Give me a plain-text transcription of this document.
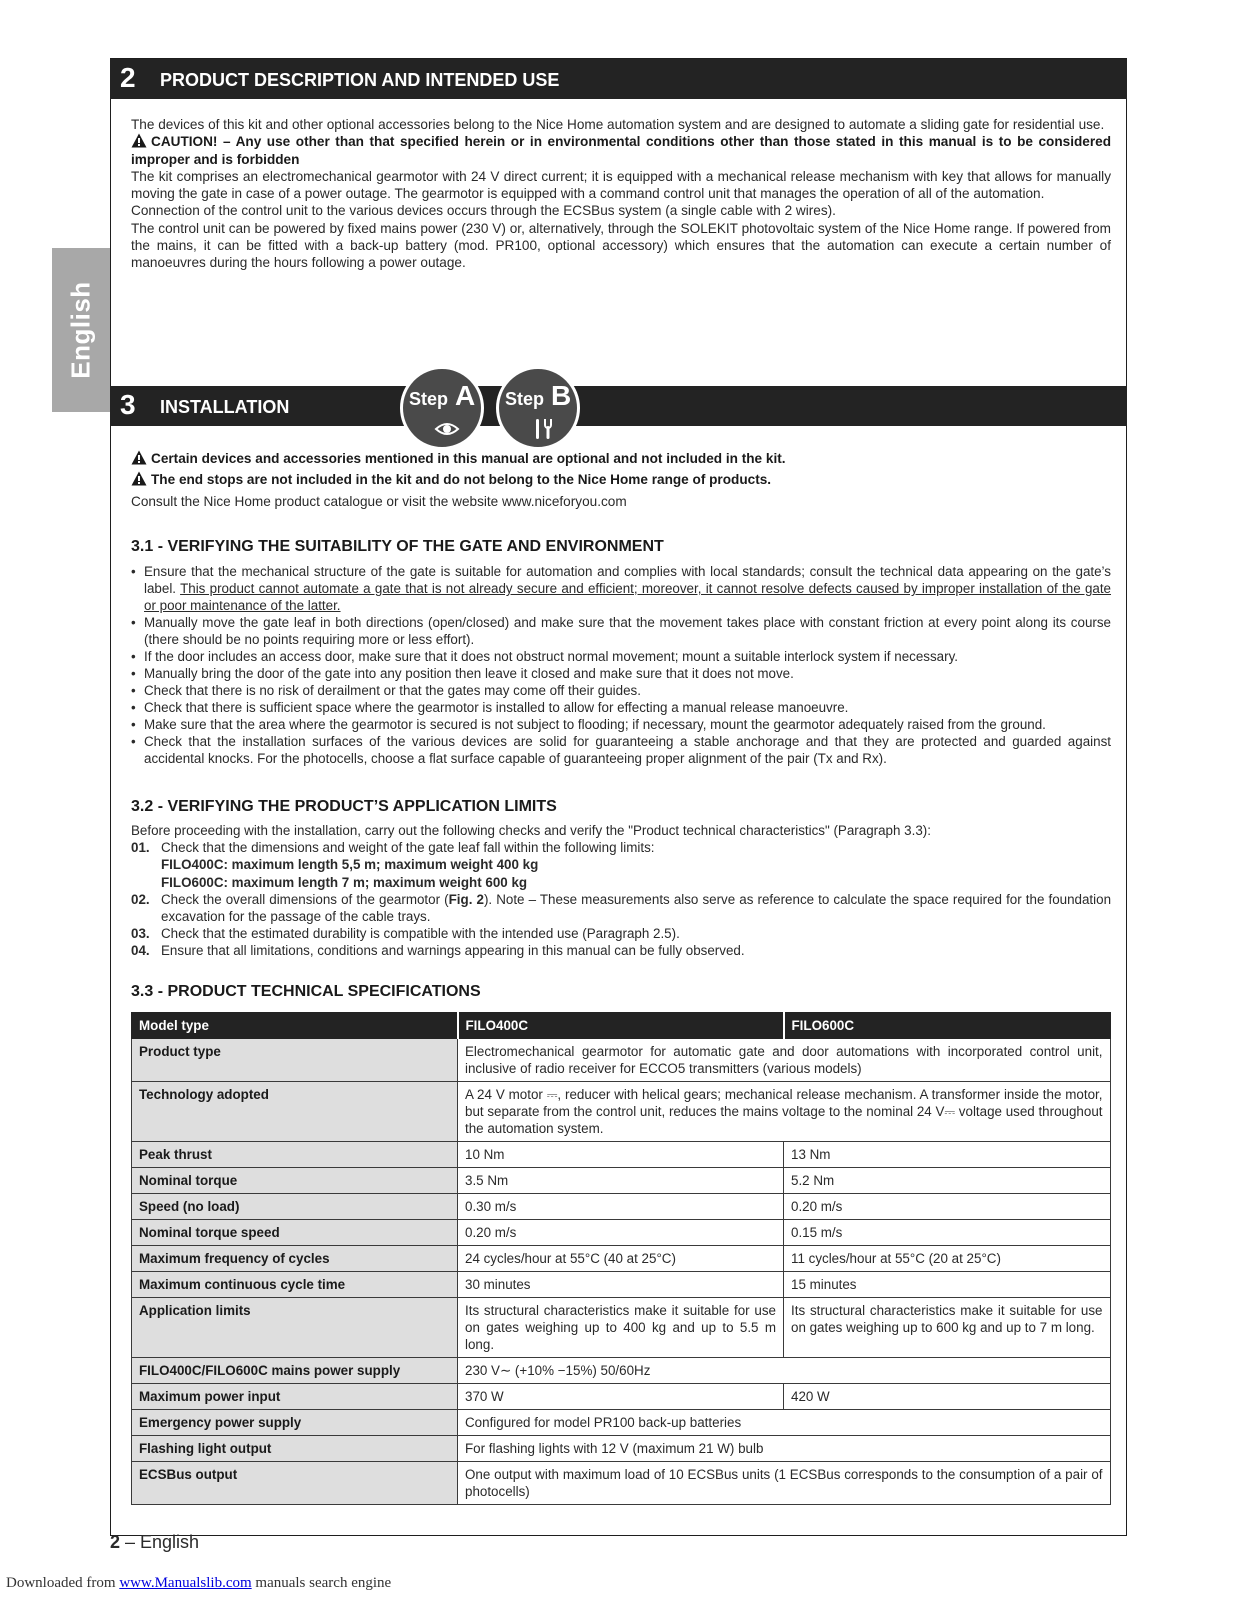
English
2 PRODUCT DESCRIPTION AND INTENDED USE

The devices of this kit and other optional accessories belong to the Nice Home automation system and are designed to automate a sliding gate for residential use.

CAUTION! – Any use other than that specified herein or in environmental conditions other than those stated in this manual is to be considered improper and is forbidden

The kit comprises an electromechanical gearmotor with 24 V direct current; it is equipped with a mechanical release mechanism with key that allows for manually moving the gate in case of a power outage. The gearmotor is equipped with a command control unit that manages the operation of all of the automation.

Connection of the control unit to the various devices occurs through the ECSBus system (a single cable with 2 wires).

The control unit can be powered by fixed mains power (230 V) or, alternatively, through the SOLEKIT photovoltaic system of the Nice Home range. If powered from the mains, it can be fitted with a back-up battery (mod. PR100, optional accessory) which ensures that the automation can execute a certain number of manoeuvres during the hours following a power outage.

3 INSTALLATION	Step A Step B

Certain devices and accessories mentioned in this manual are optional and not included in the kit.

The end stops are not included in the kit and do not belong to the Nice Home range of products.

Consult the Nice Home product catalogue or visit the website www.niceforyou.com

3.1 - VERIFYING THE SUITABILITY OF THE GATE AND ENVIRONMENT
• Ensure that the mechanical structure of the gate is suitable for automation and complies with local standards; consult the technical data appearing on the gate’s label. This product cannot automate a gate that is not already secure and efficient; moreover, it cannot resolve defects caused by improper installation of the gate or poor maintenance of the latter.
• Manually move the gate leaf in both directions (open/closed) and make sure that the movement takes place with constant friction at every point along its course (there should be no points requiring more or less effort).
• If the door includes an access door, make sure that it does not obstruct normal movement; mount a suitable interlock system if necessary.
• Manually bring the door of the gate into any position then leave it closed and make sure that it does not move.
• Check that there is no risk of derailment or that the gates may come off their guides.
• Check that there is sufficient space where the gearmotor is installed to allow for effecting a manual release manoeuvre.
• Make sure that the area where the gearmotor is secured is not subject to flooding; if necessary, mount the gearmotor adequately raised from the ground.
• Check that the installation surfaces of the various devices are solid for guaranteeing a stable anchorage and that they are protected and guarded against accidental knocks. For the photocells, choose a flat surface capable of guaranteeing proper alignment of the pair (Tx and Rx).
3.2 - VERIFYING THE PRODUCT’S APPLICATION LIMITS

Before proceeding with the installation, carry out the following checks and verify the "Product technical characteristics" (Paragraph 3.3):

01. Check that the dimensions and weight of the gate leaf fall within the following limits:
FILO400C: maximum length 5,5 m; maximum weight 400 kg
FILO600C: maximum length 7 m; maximum weight 600 kg
02. Check the overall dimensions of the gearmotor (Fig. 2). Note – These measurements also serve as reference to calculate the space required for the foundation excavation for the passage of the cable trays.
03. Check that the estimated durability is compatible with the intended use (Paragraph 2.5).
04. Ensure that all limitations, conditions and warnings appearing in this manual can be fully observed.
3.3 - PRODUCT TECHNICAL SPECIFICATIONS
Model type	FILO400C	FILO600C
Product type	Electromechanical gearmotor for automatic gate and door automations with incorporated control unit, inclusive of radio receiver for ECCO5 transmitters (various models)	
Technology adopted	A 24 V motor ⎓, reducer with helical gears; mechanical release mechanism. A transformer inside the motor, but separate from the control unit, reduces the mains voltage to the nominal 24 V⎓ voltage used throughout the automation system.	
Peak thrust	10 Nm	13 Nm
Nominal torque	3.5 Nm	5.2 Nm
Speed (no load)	0.30 m/s	0.20 m/s
Nominal torque speed	0.20 m/s	0.15 m/s
Maximum frequency of cycles	24 cycles/hour at 55°C (40 at 25°C)	11 cycles/hour at 55°C (20 at 25°C)
Maximum continuous cycle time	30 minutes	15 minutes
Application limits	Its structural characteristics make it suitable for use on gates weighing up to 400 kg and up to 5.5 m long.	Its structural characteristics make it suitable for use on gates weighing up to 600 kg and up to 7 m long.
FILO400C/FILO600C mains power supply	230 V∼ (+10% −15%) 50/60Hz	
Maximum power input	370 W	420 W
Emergency power supply	Configured for model PR100 back-up batteries	
Flashing light output	For flashing lights with 12 V (maximum 21 W) bulb	
ECSBus output	One output with maximum load of 10 ECSBus units (1 ECSBus corresponds to the consumption of a pair of photocells)	
2 – English
Downloaded from www.Manualslib.com manuals search engine
